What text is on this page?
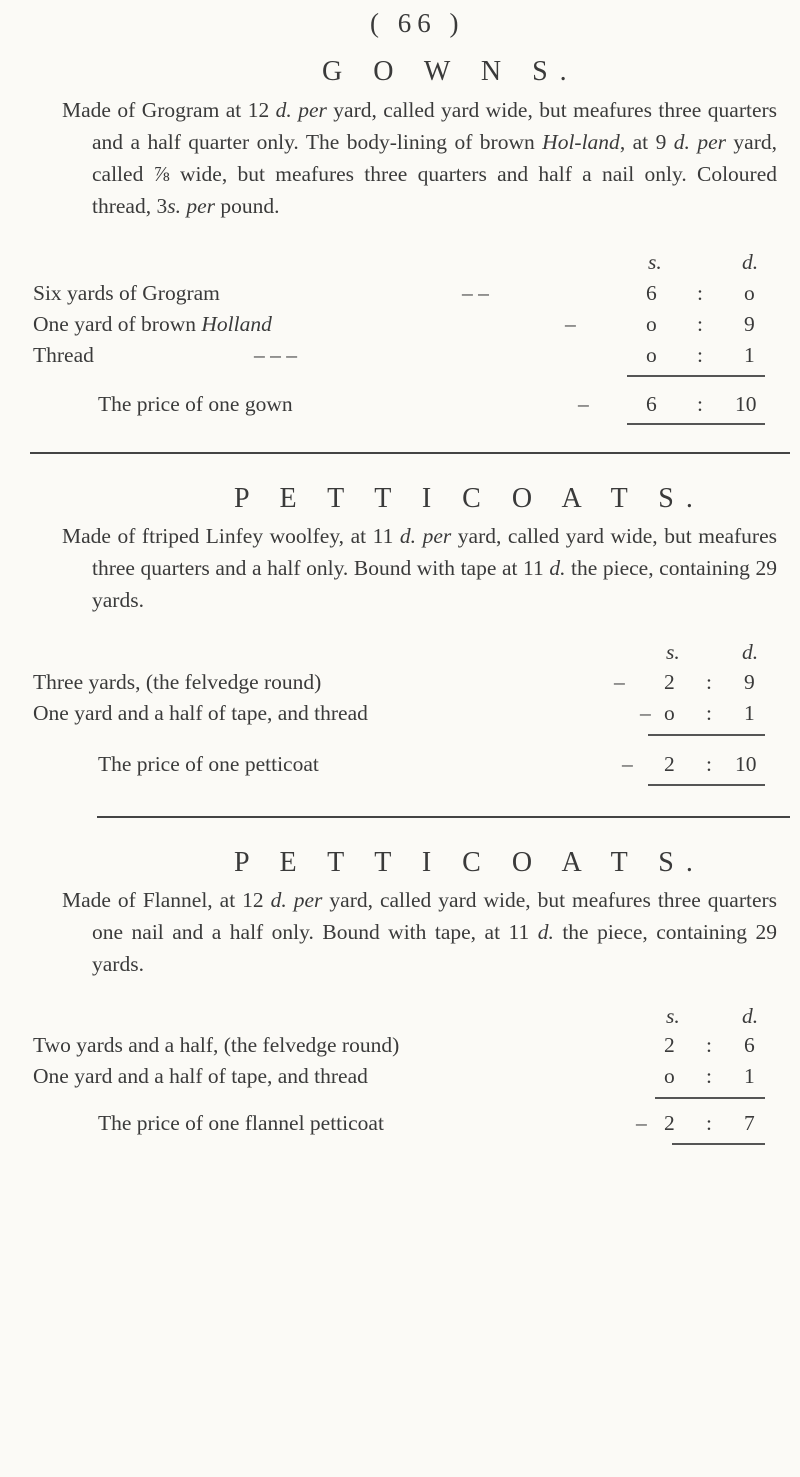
( 66 )
G O W N S.

Made of Grogram at 12 d. per yard, called yard wide, but meafures three quarters and a half quarter only. The body-lining of brown Hol-land, at 9 d. per yard, called ⅞ wide, but meafures three quarters and half a nail only. Coloured thread, 3s. per pound.

s.	d.
Six yards of Grogram	– –	6 : o
One yard of brown Holland	–	o : 9
Thread	– – –	o : 1
The price of one gown	–	6 : 10
P E T T I C O A T S.

Made of ftriped Linfey woolfey, at 11 d. per yard, called yard wide, but meafures three quarters and a half only. Bound with tape at 11 d. the piece, containing 29 yards.

s.	d.
Three yards, (the felvedge round)	– 2 : 9
One yard and a half of tape, and thread	– o : 1
The price of one petticoat	– 2 : 10
P E T T I C O A T S.

Made of Flannel, at 12 d. per yard, called yard wide, but meafures three quarters one nail and a half only. Bound with tape, at 11 d. the piece, containing 29 yards.

s.	d.
Two yards and a half, (the felvedge round)	2 : 6
One yard and a half of tape, and thread	o : 1
The price of one flannel petticoat	– 2 : 7
